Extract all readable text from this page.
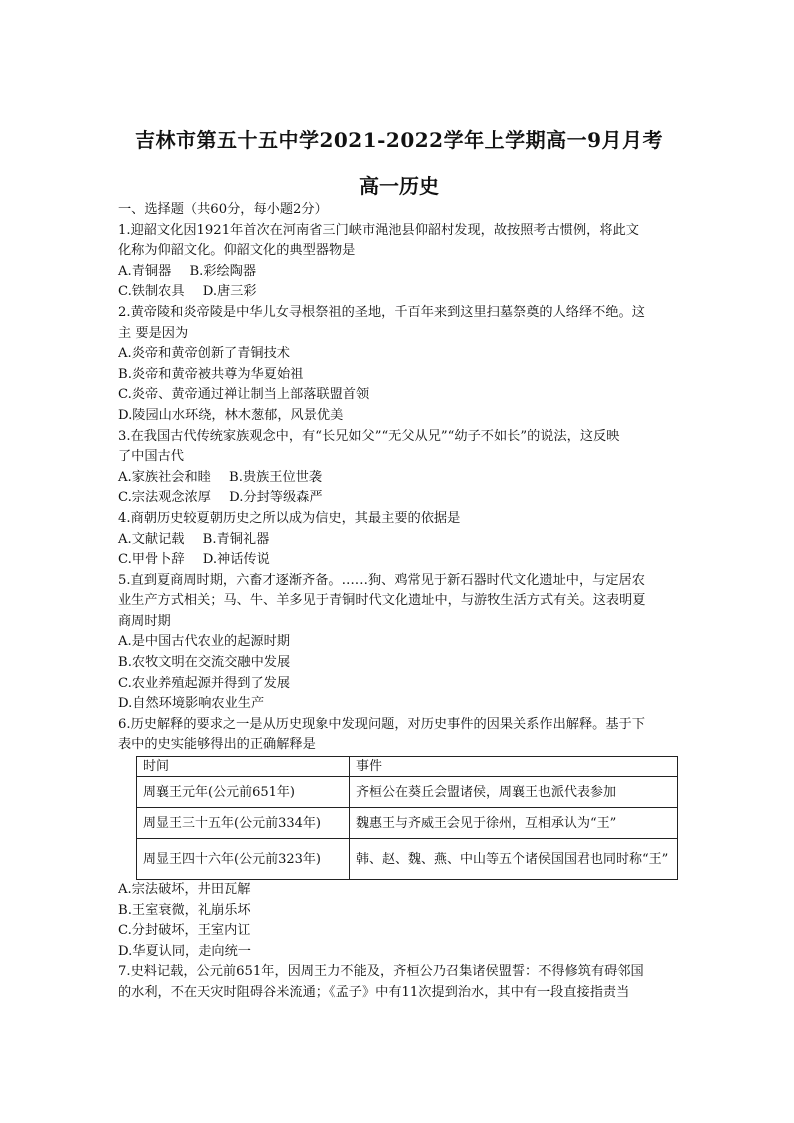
吉林市第五十五中学2021-2022学年上学期高一9月月考
高一历史
一、选择题（共60分，每小题2分）
1.迎韶文化因1921年首次在河南省三门峡市渑池县仰韶村发现，故按照考古惯例，将此文
化称为仰韶文化。仰韶文化的典型器物是
A.青铜器 B.彩绘陶器
C.铁制农具 D.唐三彩
2.黄帝陵和炎帝陵是中华儿女寻根祭祖的圣地，千百年来到这里扫墓祭奠的人络绎不绝。这
主 要是因为
A.炎帝和黄帝创新了青铜技术
B.炎帝和黄帝被共尊为华夏始祖
C.炎帝、黄帝通过禅让制当上部落联盟首领
D.陵园山水环绕，林木葱郁，风景优美
3.在我国古代传统家族观念中，有“长兄如父”“无父从兄”“幼子不如长”的说法，这反映
了中国古代
A.家族社会和睦 B.贵族王位世袭
C.宗法观念浓厚 D.分封等级森严
4.商朝历史较夏朝历史之所以成为信史，其最主要的依据是
A.文献记载 B.青铜礼器
C.甲骨卜辞 D.神话传说
5.直到夏商周时期，六畜才逐渐齐备。……狗、鸡常见于新石器时代文化遗址中，与定居农
业生产方式相关；马、牛、羊多见于青铜时代文化遗址中，与游牧生活方式有关。这表明夏
商周时期
A.是中国古代农业的起源时期
B.农牧文明在交流交融中发展
C.农业养殖起源并得到了发展
D.自然环境影响农业生产
6.历史解释的要求之一是从历史现象中发现问题，对历史事件的因果关系作出解释。基于下
表中的史实能够得出的正确解释是
时间	事件
周襄王元年(公元前651年)	齐桓公在葵丘会盟诸侯，周襄王也派代表参加
周显王三十五年(公元前334年)	魏惠王与齐威王会见于徐州，互相承认为“王”
周显王四十六年(公元前323年)	韩、赵、魏、燕、中山等五个诸侯国国君也同时称“王”
A.宗法破坏，井田瓦解
B.王室衰微，礼崩乐坏
C.分封破坏，王室内讧
D.华夏认同，走向统一
7.史料记载，公元前651年，因周王力不能及，齐桓公乃召集诸侯盟誓：不得修筑有碍邻国
的水利，不在天灾时阻碍谷米流通；《孟子》中有11次提到治水，其中有一段直接指责当
